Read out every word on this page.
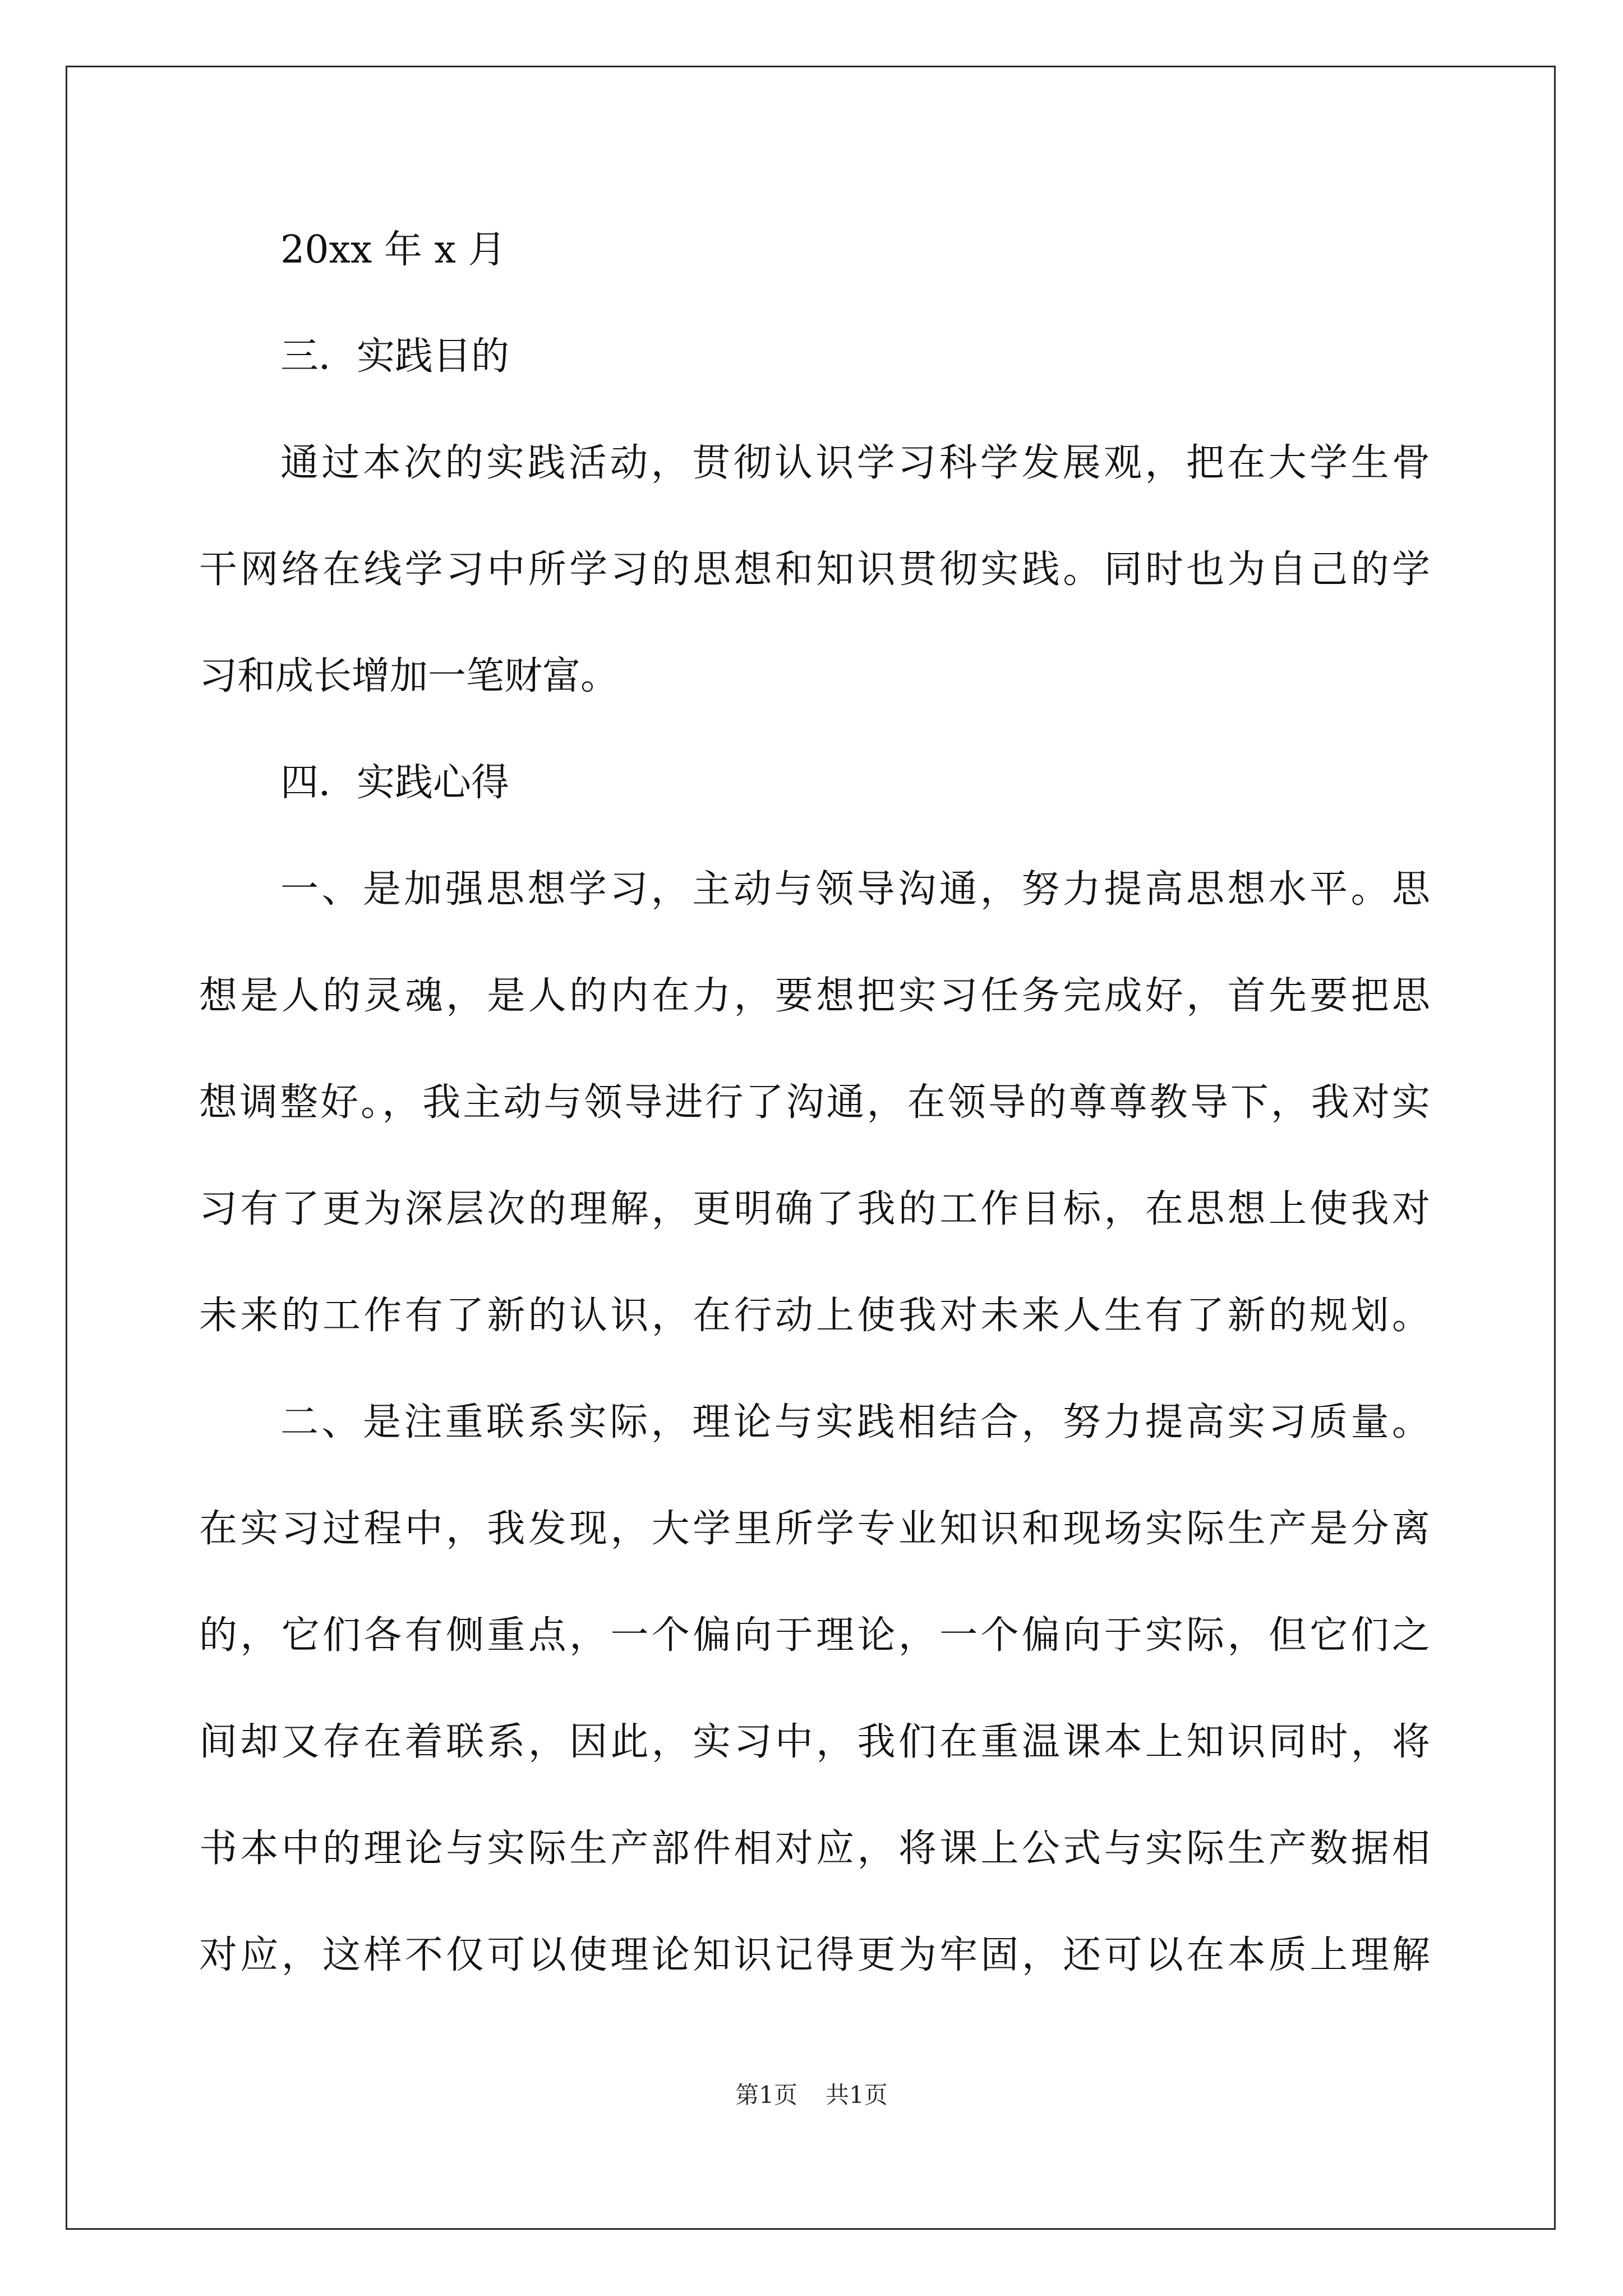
20xx 年 x 月

三．实践目的

通过本次的实践活动，贯彻认识学习科学发展观，把在大学生骨

干网络在线学习中所学习的思想和知识贯彻实践。同时也为自己的学

习和成长增加一笔财富。

四．实践心得

一、是加强思想学习，主动与领导沟通，努力提高思想水平。思

想是人的灵魂，是人的内在力，要想把实习任务完成好，首先要把思

想调整好。，我主动与领导进行了沟通，在领导的尊尊教导下，我对实

习有了更为深层次的理解，更明确了我的工作目标，在思想上使我对

未来的工作有了新的认识，在行动上使我对未来人生有了新的规划。

二、是注重联系实际，理论与实践相结合，努力提高实习质量。

在实习过程中，我发现，大学里所学专业知识和现场实际生产是分离

的，它们各有侧重点，一个偏向于理论，一个偏向于实际，但它们之

间却又存在着联系，因此，实习中，我们在重温课本上知识同时，将

书本中的理论与实际生产部件相对应，将课上公式与实际生产数据相

对应，这样不仅可以使理论知识记得更为牢固，还可以在本质上理解

第1页 共1页
